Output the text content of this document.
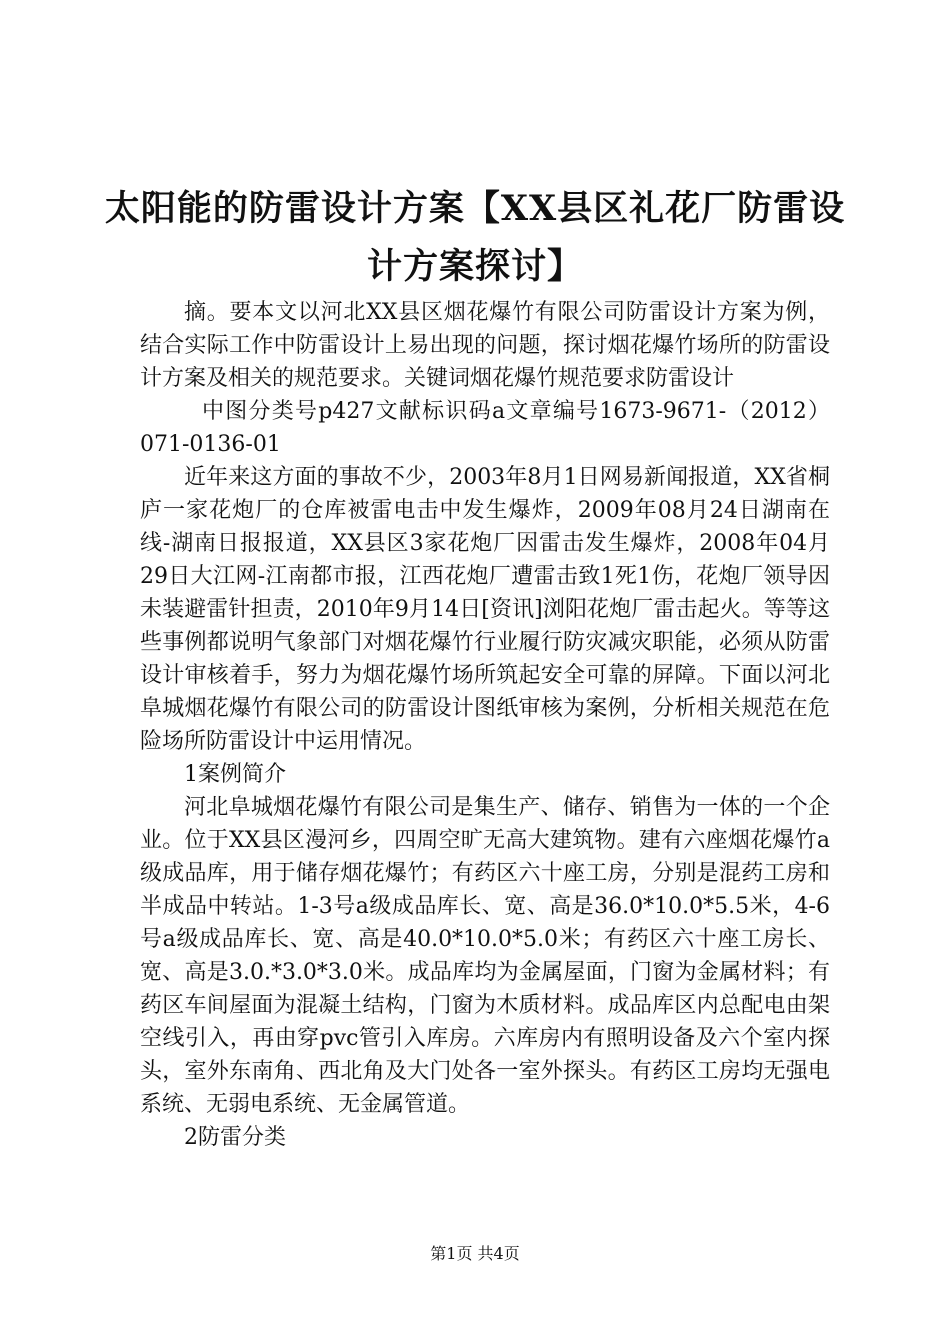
太阳能的防雷设计方案【XX县区礼花厂防雷设计方案探讨】

摘。要本文以河北XX县区烟花爆竹有限公司防雷设计方案为例，结合实际工作中防雷设计上易出现的问题，探讨烟花爆竹场所的防雷设计方案及相关的规范要求。关键词烟花爆竹规范要求防雷设计

中图分类号p427文献标识码a文章编号1673-9671-（2012）071-0136-01

近年来这方面的事故不少，2003年8月1日网易新闻报道，XX省桐庐一家花炮厂的仓库被雷电击中发生爆炸，2009年08月24日湖南在线-湖南日报报道，XX县区3家花炮厂因雷击发生爆炸，2008年04月29日大江网-江南都市报，江西花炮厂遭雷击致1死1伤，花炮厂领导因未装避雷针担责，2010年9月14日[资讯]浏阳花炮厂雷击起火。等等这些事例都说明气象部门对烟花爆竹行业履行防灾减灾职能，必须从防雷设计审核着手，努力为烟花爆竹场所筑起安全可靠的屏障。下面以河北阜城烟花爆竹有限公司的防雷设计图纸审核为案例，分析相关规范在危险场所防雷设计中运用情况。

1案例简介

河北阜城烟花爆竹有限公司是集生产、储存、销售为一体的一个企业。位于XX县区漫河乡，四周空旷无高大建筑物。建有六座烟花爆竹a级成品库，用于储存烟花爆竹；有药区六十座工房，分别是混药工房和半成品中转站。1-3号a级成品库长、宽、高是36.0*10.0*5.5米，4-6号a级成品库长、宽、高是40.0*10.0*5.0米；有药区六十座工房长、宽、高是3.0.*3.0*3.0米。成品库均为金属屋面，门窗为金属材料；有药区车间屋面为混凝土结构，门窗为木质材料。成品库区内总配电由架空线引入，再由穿pvc管引入库房。六库房内有照明设备及六个室内探头，室外东南角、西北角及大门处各一室外探头。有药区工房均无强电系统、无弱电系统、无金属管道。

2防雷分类

第1页 共4页
